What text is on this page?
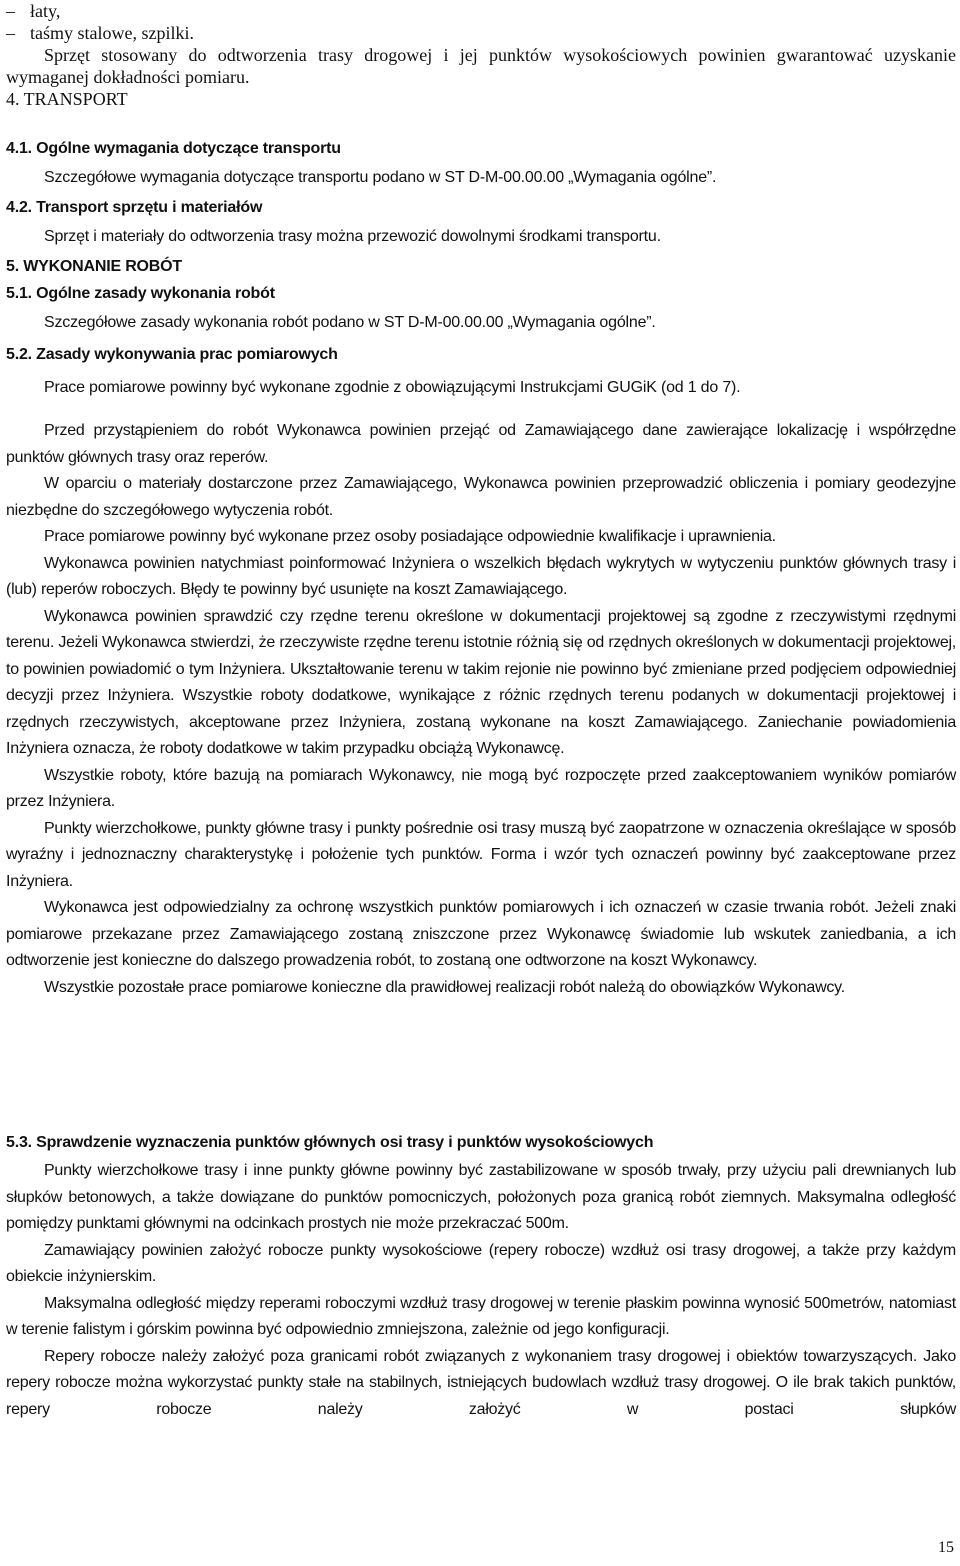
– łaty,
– taśmy stalowe, szpilki.
Sprzęt stosowany do odtworzenia trasy drogowej i jej punktów wysokościowych powinien gwarantować uzyskanie wymaganej dokładności pomiaru.
4. TRANSPORT
4.1. Ogólne wymagania dotyczące transportu
Szczegółowe wymagania dotyczące transportu podano w ST D-M-00.00.00 „Wymagania ogólne”.
4.2. Transport sprzętu i materiałów
Sprzęt i materiały do odtworzenia trasy można przewozić dowolnymi środkami transportu.
5. WYKONANIE ROBÓT
5.1. Ogólne zasady wykonania robót
Szczegółowe zasady wykonania robót podano w ST D-M-00.00.00 „Wymagania ogólne”.
5.2. Zasady wykonywania prac pomiarowych
Prace pomiarowe powinny być wykonane zgodnie z obowiązującymi Instrukcjami GUGiK (od 1 do 7).
Przed przystąpieniem do robót Wykonawca powinien przejąć od Zamawiającego dane zawierające lokalizację i współrzędne punktów głównych trasy oraz reperów.
W oparciu o materiały dostarczone przez Zamawiającego, Wykonawca powinien przeprowadzić obliczenia i pomiary geodezyjne niezbędne do szczegółowego wytyczenia robót.
Prace pomiarowe powinny być wykonane przez osoby posiadające odpowiednie kwalifikacje i uprawnienia.
Wykonawca powinien natychmiast poinformować Inżyniera o wszelkich błędach wykrytych w wytyczeniu punktów głównych trasy i (lub) reperów roboczych. Błędy te powinny być usunięte na koszt Zamawiającego.
Wykonawca powinien sprawdzić czy rzędne terenu określone w dokumentacji projektowej są zgodne z rzeczywistymi rzędnymi terenu. Jeżeli Wykonawca stwierdzi, że rzeczywiste rzędne terenu istotnie różnią się od rzędnych określonych w dokumentacji projektowej, to powinien powiadomić o tym Inżyniera. Ukształtowanie terenu w takim rejonie nie powinno być zmieniane przed podjęciem odpowiedniej decyzji przez Inżyniera. Wszystkie roboty dodatkowe, wynikające z różnic rzędnych terenu podanych w dokumentacji projektowej i rzędnych rzeczywistych, akceptowane przez Inżyniera, zostaną wykonane na koszt Zamawiającego. Zaniechanie powiadomienia Inżyniera oznacza, że roboty dodatkowe w takim przypadku obciążą Wykonawcę.
Wszystkie roboty, które bazują na pomiarach Wykonawcy, nie mogą być rozpoczęte przed zaakceptowaniem wyników pomiarów przez Inżyniera.
Punkty wierzchołkowe, punkty główne trasy i punkty pośrednie osi trasy muszą być zaopatrzone w oznaczenia określające w sposób wyraźny i jednoznaczny charakterystykę i położenie tych punktów. Forma i wzór tych oznaczeń powinny być zaakceptowane przez Inżyniera.
Wykonawca jest odpowiedzialny za ochronę wszystkich punktów pomiarowych i ich oznaczeń w czasie trwania robót. Jeżeli znaki pomiarowe przekazane przez Zamawiającego zostaną zniszczone przez Wykonawcę świadomie lub wskutek zaniedbania, a ich odtworzenie jest konieczne do dalszego prowadzenia robót, to zostaną one odtworzone na koszt Wykonawcy.
Wszystkie pozostałe prace pomiarowe konieczne dla prawidłowej realizacji robót należą do obowiązków Wykonawcy.
5.3. Sprawdzenie wyznaczenia punktów głównych osi trasy i punktów wysokościowych
Punkty wierzchołkowe trasy i inne punkty główne powinny być zastabilizowane w sposób trwały, przy użyciu pali drewnianych lub słupków betonowych, a także dowiązane do punktów pomocniczych, położonych poza granicą robót ziemnych. Maksymalna odległość pomiędzy punktami głównymi na odcinkach prostych nie może przekraczać 500m.
Zamawiający powinien założyć robocze punkty wysokościowe (repery robocze) wzdłuż osi trasy drogowej, a także przy każdym obiekcie inżynierskim.
Maksymalna odległość między reperami roboczymi wzdłuż trasy drogowej w terenie płaskim powinna wynosić 500metrów, natomiast w terenie falistym i górskim powinna być odpowiednio zmniejszona, zależnie od jego konfiguracji.
Repery robocze należy założyć poza granicami robót związanych z wykonaniem trasy drogowej i obiektów towarzyszących. Jako repery robocze można wykorzystać punkty stałe na stabilnych, istniejących budowlach wzdłuż trasy drogowej. O ile brak takich punktów, repery robocze należy założyć w postaci słupków
15
